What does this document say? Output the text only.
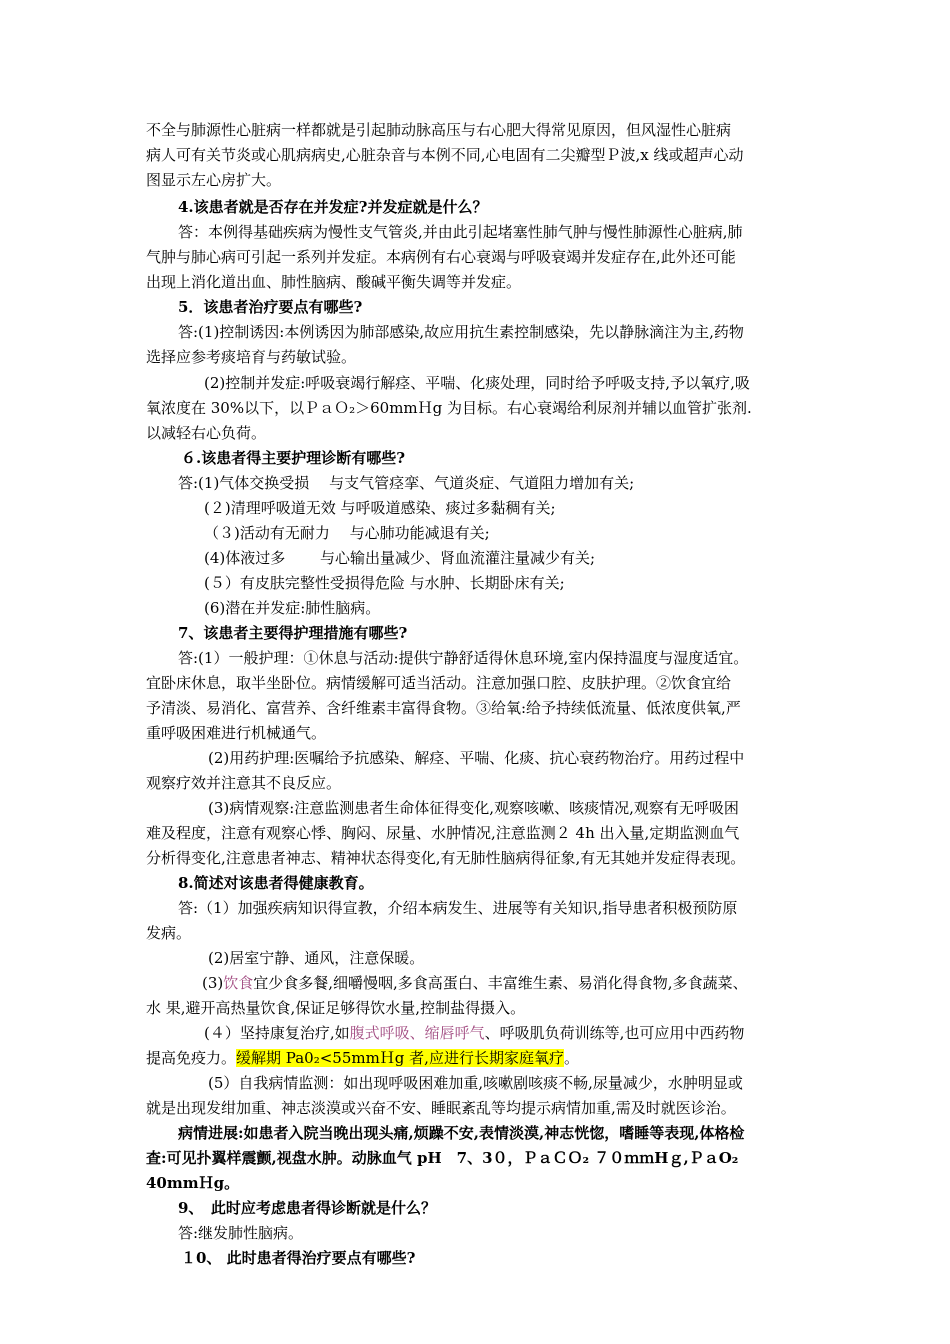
不全与肺源性心脏病一样都就是引起肺动脉高压与右心肥大得常见原因，但风湿性心脏病
病人可有关节炎或心肌病病史,心脏杂音与本例不同,心电固有二尖瓣型Ｐ波,x 线或超声心动
图显示左心房扩大。
4.该患者就是否存在并发症?并发症就是什么？
答：本例得基础疾病为慢性支气管炎,并由此引起堵塞性肺气肿与慢性肺源性心脏病,肺
气肿与肺心病可引起一系列并发症。本病例有右心衰竭与呼吸衰竭并发症存在,此外还可能
出现上消化道出血、肺性脑病、酸碱平衡失调等并发症。
5．该患者治疗要点有哪些?
答:(1)控制诱因:本例诱因为肺部感染,故应用抗生素控制感染，先以静脉滴注为主,药物
选择应参考痰培育与药敏试验。
(2)控制并发症:呼吸衰竭行解痉、平喘、化痰处理，同时给予呼吸支持,予以氧疗,吸
氧浓度在 30%以下，以ＰａＯ₂＞60mmＨg 为目标。右心衰竭给利尿剂并辅以血管扩张剂.
以减轻右心负荷。
６.该患者得主要护理诊断有哪些?
答:(1)气体交换受损　 与支气管痉挛、气道炎症、气道阻力增加有关;
(２)清理呼吸道无效 与呼吸道感染、痰过多黏稠有关;
（３)活动有无耐力　 与心肺功能减退有关;
(4)体液过多　　 与心输出量减少、肾血流灌注量减少有关;
(５）有皮肤完整性受损得危险 与水肿、长期卧床有关;
(6)潜在并发症:肺性脑病。
7、该患者主要得护理措施有哪些?
答:(1）一般护理：①休息与活动:提供宁静舒适得休息环境,室内保持温度与湿度适宜。
宜卧床休息，取半坐卧位。病情缓解可适当活动。注意加强口腔、皮肤护理。②饮食宜给
予清淡、易消化、富营养、含纤维素丰富得食物。③给氧:给予持续低流量、低浓度供氧,严
重呼吸困难进行机械通气。
(2)用药护理:医嘱给予抗感染、解痉、平喘、化痰、抗心衰药物治疗。用药过程中
观察疗效并注意其不良反应。
(3)病情观察:注意监测患者生命体征得变化,观察咳嗽、咳痰情况,观察有无呼吸困
难及程度，注意有观察心悸、胸闷、尿量、水肿情况,注意监测２ 4h 出入量,定期监测血气
分析得变化,注意患者神志、精神状态得变化,有无肺性脑病得征象,有无其她并发症得表现。
8.简述对该患者得健康教育。
答:（1）加强疾病知识得宣教，介绍本病发生、进展等有关知识,指导患者积极预防原
发病。
(2)居室宁静、通风，注意保暖。
(3)饮食宜少食多餐,细嚼慢咽,多食高蛋白、丰富维生素、易消化得食物,多食蔬菜、
水 果,避开高热量饮食,保证足够得饮水量,控制盐得摄入。
(４）坚持康复治疗,如腹式呼吸、缩唇呼气、呼吸肌负荷训练等,也可应用中西药物
提高免疫力。缓解期 Pa0₂<55mmＨg 者,应进行长期家庭氧疗。
(5）自我病情监测：如出现呼吸困难加重,咳嗽剧咳痰不畅,尿量减少，水肿明显或
就是出现发绀加重、神志淡漠或兴奋不安、睡眠紊乱等均提示病情加重,需及时就医诊治。
病情进展:如患者入院当晚出现头痛,烦躁不安,表情淡漠,神志恍惚，嗜睡等表现,体格检
查:可见扑翼样震颤,视盘水肿。动脉血气 pH　7、3０，ＰａＣＯ₂ ７０ｍｍHｇ,ＰａO₂
40mmＨg。
9、　此时应考虑患者得诊断就是什么？
答:继发肺性脑病。
１0、 此时患者得治疗要点有哪些?
